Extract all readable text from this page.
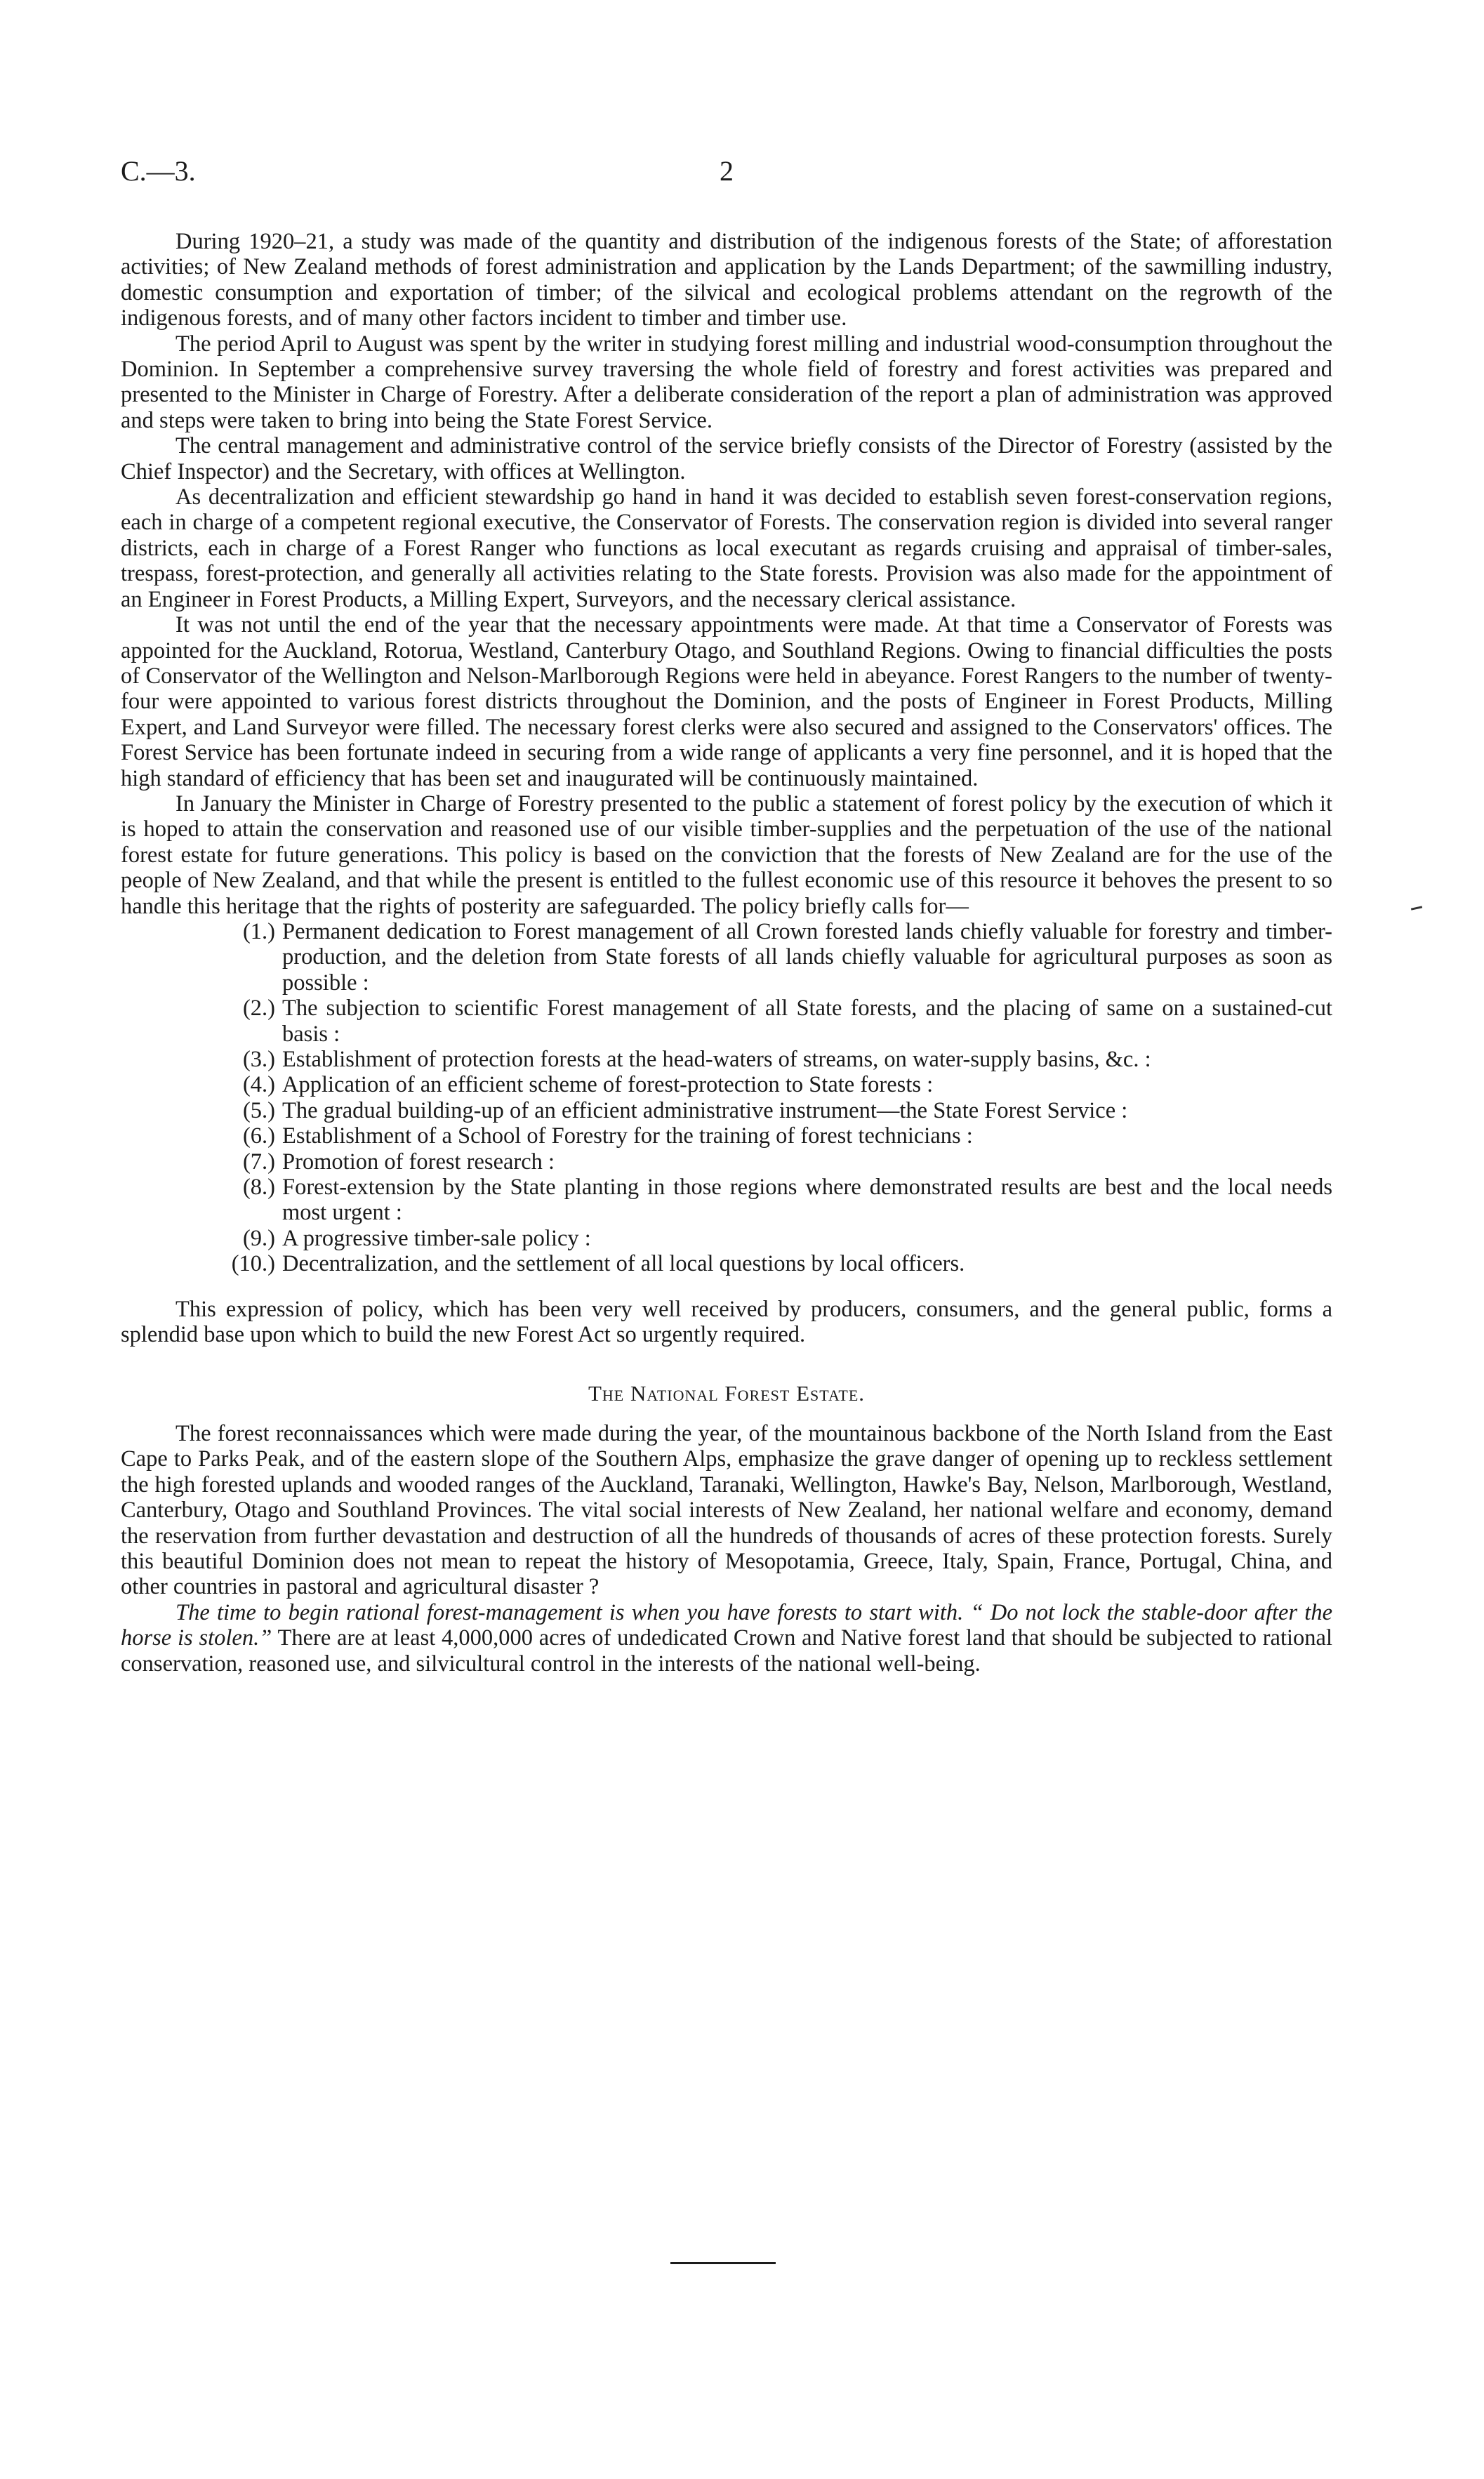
C.—3.	2

During 1920–21, a study was made of the quantity and distribution of the indigenous forests of the State; of afforestation activities; of New Zealand methods of forest administration and application by the Lands Department; of the sawmilling industry, domestic consumption and exportation of timber; of the silvical and ecological problems attendant on the regrowth of the indigenous forests, and of many other factors incident to timber and timber use.

The period April to August was spent by the writer in studying forest milling and industrial wood-consumption throughout the Dominion. In September a comprehensive survey traversing the whole field of forestry and forest activities was prepared and presented to the Minister in Charge of Forestry. After a deliberate consideration of the report a plan of administration was approved and steps were taken to bring into being the State Forest Service.

The central management and administrative control of the service briefly consists of the Director of Forestry (assisted by the Chief Inspector) and the Secretary, with offices at Wellington.

As decentralization and efficient stewardship go hand in hand it was decided to establish seven forest-conservation regions, each in charge of a competent regional executive, the Conservator of Forests. The conservation region is divided into several ranger districts, each in charge of a Forest Ranger who functions as local executant as regards cruising and appraisal of timber-sales, trespass, forest-protection, and generally all activities relating to the State forests. Provision was also made for the appointment of an Engineer in Forest Products, a Milling Expert, Surveyors, and the necessary clerical assistance.

It was not until the end of the year that the necessary appointments were made. At that time a Conservator of Forests was appointed for the Auckland, Rotorua, Westland, Canterbury Otago, and Southland Regions. Owing to financial difficulties the posts of Conservator of the Wellington and Nelson-Marlborough Regions were held in abeyance. Forest Rangers to the number of twenty-four were appointed to various forest districts throughout the Dominion, and the posts of Engineer in Forest Products, Milling Expert, and Land Surveyor were filled. The necessary forest clerks were also secured and assigned to the Conservators' offices. The Forest Service has been fortunate indeed in securing from a wide range of applicants a very fine personnel, and it is hoped that the high standard of efficiency that has been set and inaugurated will be continuously maintained.

In January the Minister in Charge of Forestry presented to the public a statement of forest policy by the execution of which it is hoped to attain the conservation and reasoned use of our visible timber-supplies and the perpetuation of the use of the national forest estate for future generations. This policy is based on the conviction that the forests of New Zealand are for the use of the people of New Zealand, and that while the present is entitled to the fullest economic use of this resource it behoves the present to so handle this heritage that the rights of posterity are safeguarded. The policy briefly calls for—

(1.) Permanent dedication to Forest management of all Crown forested lands chiefly valuable for forestry and timber-production, and the deletion from State forests of all lands chiefly valuable for agricultural purposes as soon as possible :
(2.) The subjection to scientific Forest management of all State forests, and the placing of same on a sustained-cut basis :
(3.) Establishment of protection forests at the head-waters of streams, on water-supply basins, &c. :
(4.) Application of an efficient scheme of forest-protection to State forests :
(5.) The gradual building-up of an efficient administrative instrument—the State Forest Service :
(6.) Establishment of a School of Forestry for the training of forest technicians :
(7.) Promotion of forest research :
(8.) Forest-extension by the State planting in those regions where demonstrated results are best and the local needs most urgent :
(9.) A progressive timber-sale policy :
(10.) Decentralization, and the settlement of all local questions by local officers.

This expression of policy, which has been very well received by producers, consumers, and the general public, forms a splendid base upon which to build the new Forest Act so urgently required.

The National Forest Estate.

The forest reconnaissances which were made during the year, of the mountainous backbone of the North Island from the East Cape to Parks Peak, and of the eastern slope of the Southern Alps, emphasize the grave danger of opening up to reckless settlement the high forested uplands and wooded ranges of the Auckland, Taranaki, Wellington, Hawke's Bay, Nelson, Marlborough, Westland, Canterbury, Otago and Southland Provinces. The vital social interests of New Zealand, her national welfare and economy, demand the reservation from further devastation and destruction of all the hundreds of thousands of acres of these protection forests. Surely this beautiful Dominion does not mean to repeat the history of Mesopotamia, Greece, Italy, Spain, France, Portugal, China, and other countries in pastoral and agricultural disaster ?

The time to begin rational forest-management is when you have forests to start with. “ Do not lock the stable-door after the horse is stolen.” There are at least 4,000,000 acres of undedicated Crown and Native forest land that should be subjected to rational conservation, reasoned use, and silvicultural control in the interests of the national well-being.
